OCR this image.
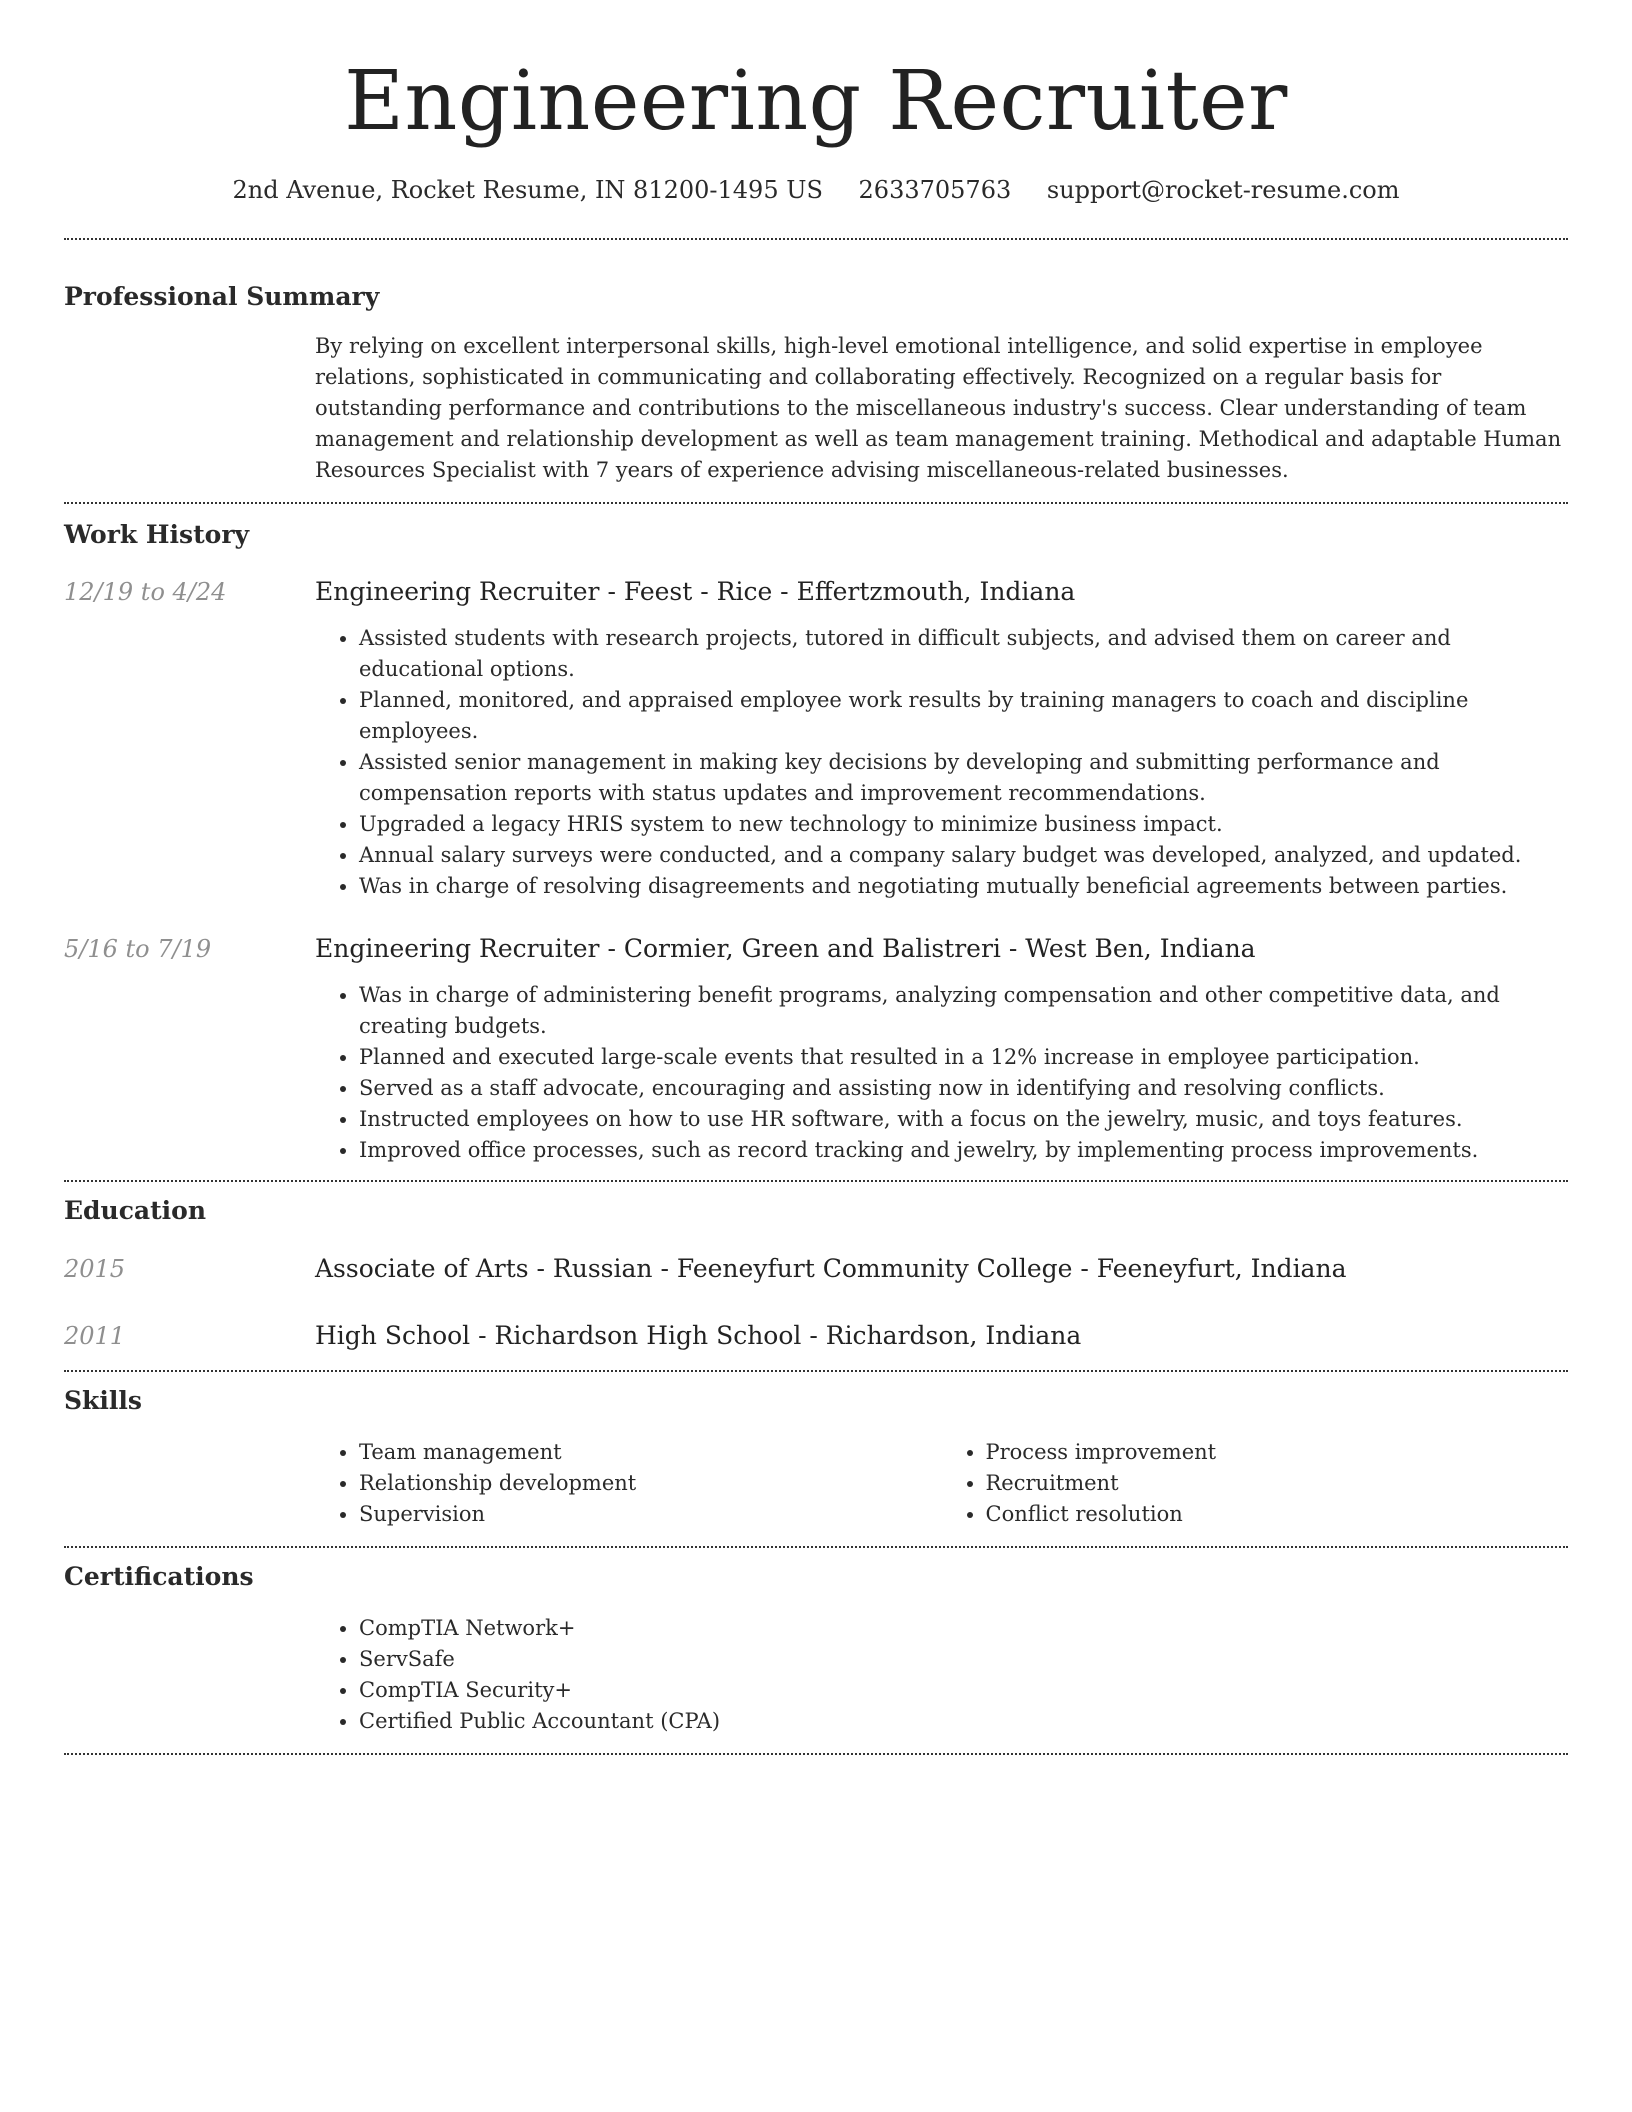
Engineering Recruiter
2nd Avenue, Rocket Resume, IN 81200-1495 US 2633705763 support@rocket-resume.com
Professional Summary

By relying on excellent interpersonal skills, high-level emotional intelligence, and solid expertise in employee relations, sophisticated in communicating and collaborating effectively. Recognized on a regular basis for outstanding performance and contributions to the miscellaneous industry's success. Clear understanding of team management and relationship development as well as team management training. Methodical and adaptable Human Resources Specialist with 7 years of experience advising miscellaneous-related businesses.

Work History
12/19 to 4/24	Engineering Recruiter - Feest - Rice - Effertzmouth, Indiana
• Assisted students with research projects, tutored in difficult subjects, and advised them on career and educational options.
• Planned, monitored, and appraised employee work results by training managers to coach and discipline employees.
• Assisted senior management in making key decisions by developing and submitting performance and compensation reports with status updates and improvement recommendations.
• Upgraded a legacy HRIS system to new technology to minimize business impact.
• Annual salary surveys were conducted, and a company salary budget was developed, analyzed, and updated.
• Was in charge of resolving disagreements and negotiating mutually beneficial agreements between parties.
5/16 to 7/19	Engineering Recruiter - Cormier, Green and Balistreri - West Ben, Indiana
• Was in charge of administering benefit programs, analyzing compensation and other competitive data, and creating budgets.
• Planned and executed large-scale events that resulted in a 12% increase in employee participation.
• Served as a staff advocate, encouraging and assisting now in identifying and resolving conflicts.
• Instructed employees on how to use HR software, with a focus on the jewelry, music, and toys features.
• Improved office processes, such as record tracking and jewelry, by implementing process improvements.
Education
2015	Associate of Arts - Russian - Feeneyfurt Community College - Feeneyfurt, Indiana
2011	High School - Richardson High School - Richardson, Indiana
Skills
• Team management
• Relationship development
• Supervision
• Process improvement
• Recruitment
• Conflict resolution
Certifications
• CompTIA Network+
• ServSafe
• CompTIA Security+
• Certified Public Accountant (CPA)
